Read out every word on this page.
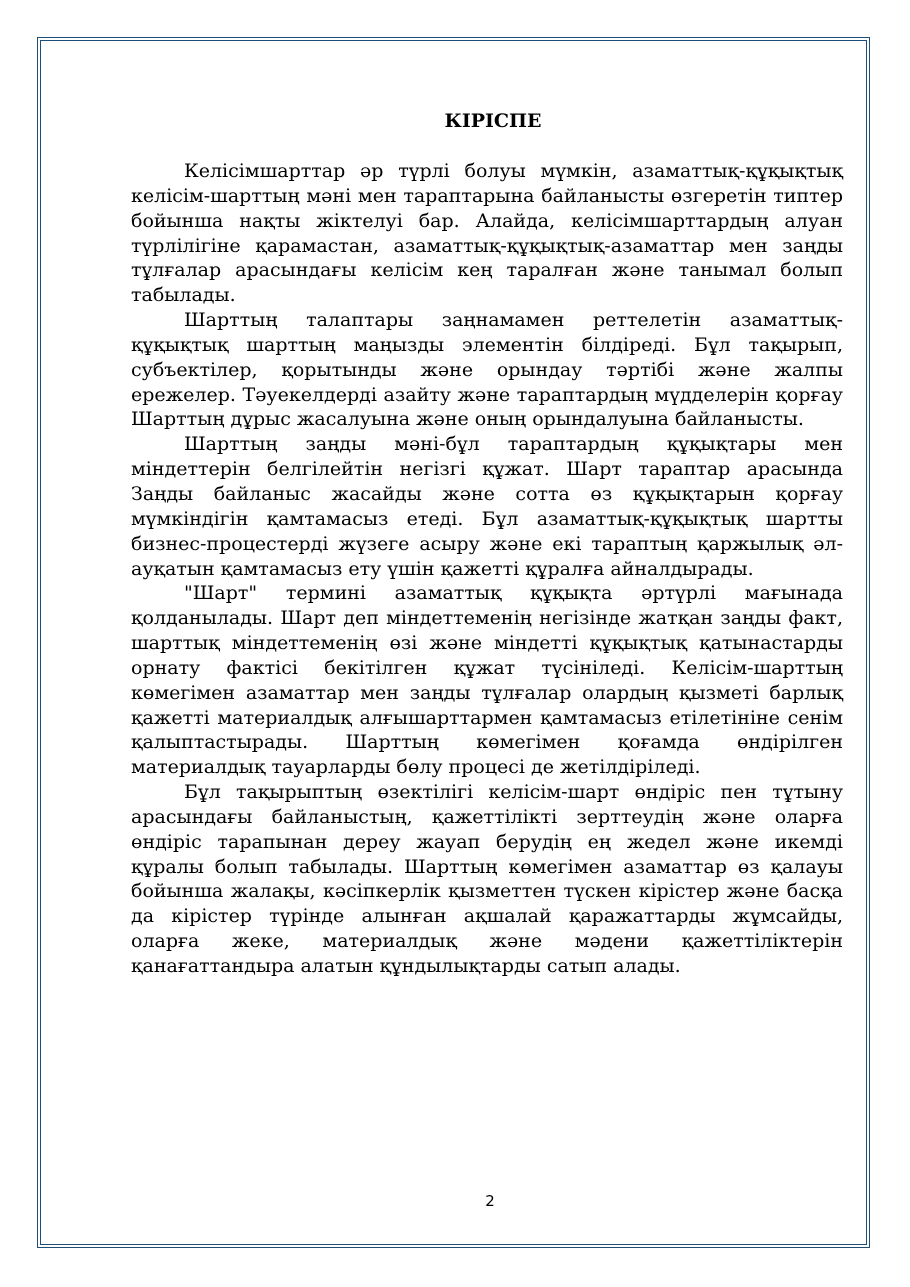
КІРІСПЕ

Келісімшарттар әр түрлі болуы мүмкін, азаматтық-құқықтық келісім-шарттың мәні мен тараптарына байланысты өзгеретін типтер бойынша нақты жіктелуі бар. Алайда, келісімшарттардың алуан түрлілігіне қарамастан, азаматтық-құқықтық-азаматтар мен заңды тұлғалар арасындағы келісім кең таралған және танымал болып табылады.

Шарттың талаптары заңнамамен реттелетін азаматтық-құқықтық шарттың маңызды элементін білдіреді. Бұл тақырып, субъектілер, қорытынды және орындау тәртібі және жалпы ережелер. Тәуекелдерді азайту және тараптардың мүдделерін қорғау Шарттың дұрыс жасалуына және оның орындалуына байланысты.

Шарттың заңды мәні-бұл тараптардың құқықтары мен міндеттерін белгілейтін негізгі құжат. Шарт тараптар арасында Заңды байланыс жасайды және сотта өз құқықтарын қорғау мүмкіндігін қамтамасыз етеді. Бұл азаматтық-құқықтық шартты бизнес-процестерді жүзеге асыру және екі тараптың қаржылық әл-ауқатын қамтамасыз ету үшін қажетті құралға айналдырады.

"Шарт" термині азаматтық құқықта әртүрлі мағынада қолданылады. Шарт деп міндеттеменің негізінде жатқан заңды факт, шарттық міндеттеменің өзі және міндетті құқықтық қатынастарды орнату фактісі бекітілген құжат түсініледі. Келісім-шарттың көмегімен азаматтар мен заңды тұлғалар олардың қызметі барлық қажетті материалдық алғышарттармен қамтамасыз етілетініне сенім қалыптастырады. Шарттың көмегімен қоғамда өндірілген материалдық тауарларды бөлу процесі де жетілдіріледі.

Бұл тақырыптың өзектілігі келісім-шарт өндіріс пен тұтыну арасындағы байланыстың, қажеттілікті зерттеудің және оларға өндіріс тарапынан дереу жауап берудің ең жедел және икемді құралы болып табылады. Шарттың көмегімен азаматтар өз қалауы бойынша жалақы, кәсіпкерлік қызметтен түскен кірістер және басқа да кірістер түрінде алынған ақшалай қаражаттарды жұмсайды, оларға жеке, материалдық және мәдени қажеттіліктерін қанағаттандыра алатын құндылықтарды сатып алады.

2
